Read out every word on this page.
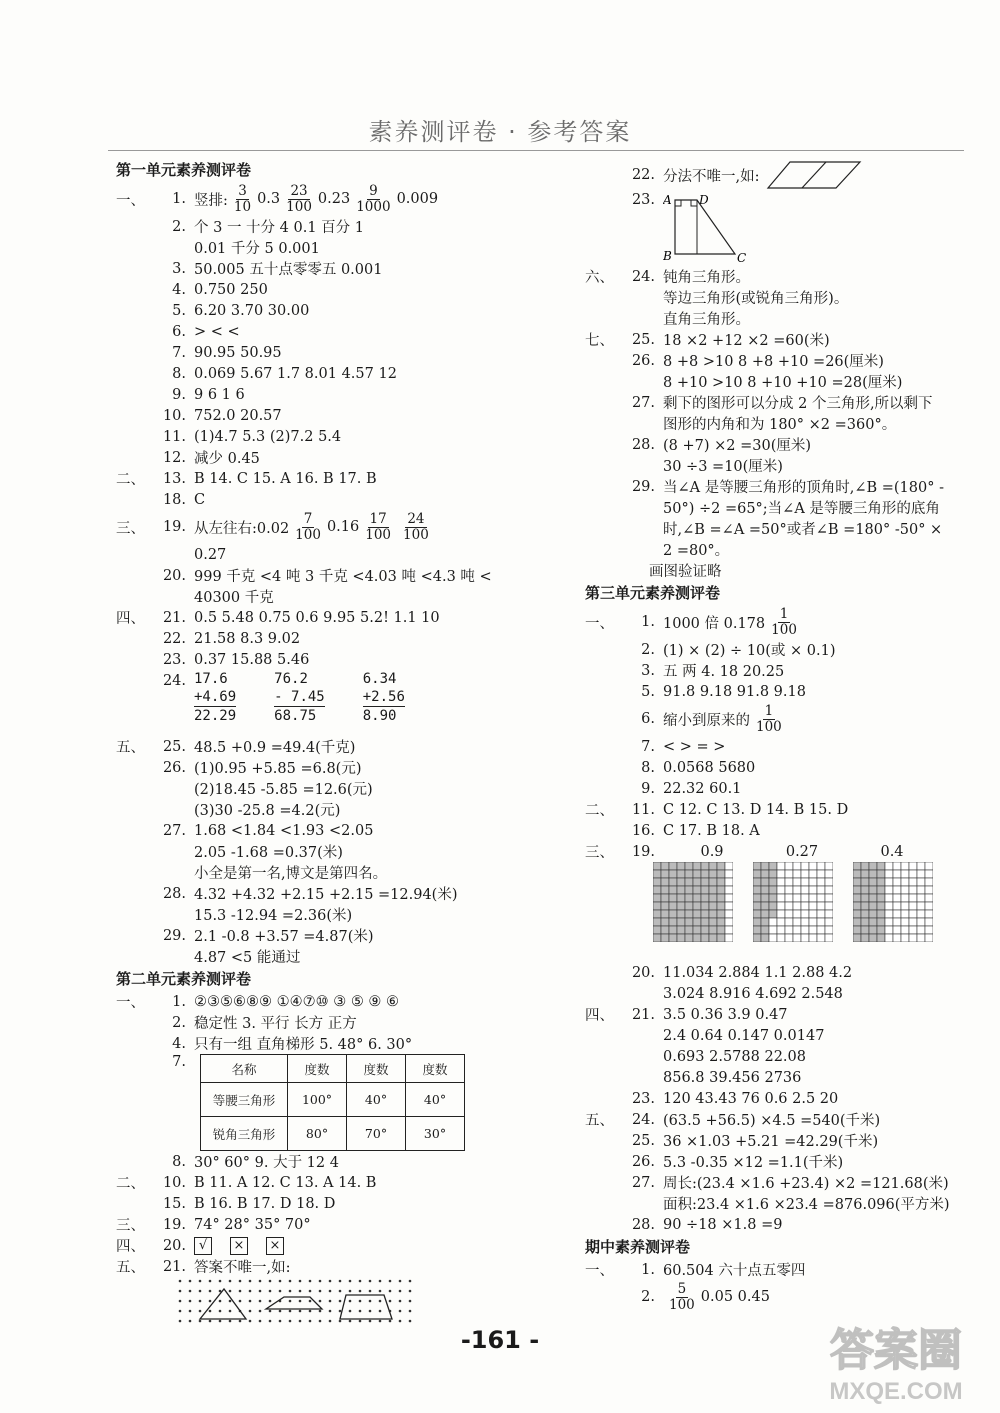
素养测评卷 · 参考答案
第一单元素养测评卷
一、	1. 竖排: $\frac{3}{10} 0.3 \frac{23}{100} 0.23 \frac{9}{1000} 0.009$
2. 个 3 一 十分 4 0.1 百分 1
0.01 千分 5 0.001
3. 50.005 五十点零零五 0.001
4. 0.750 250
5. 6.20 3.70 30.00
6. > < <
7. 90.95 50.95
8. 0.069 5.67 1.7 8.01 4.57 12
9. 9 6 1 6
10. 752.0 20.57
11. (1)4.7 5.3 (2)7.2 5.4
12. 减少 0.45
二、	13. B 14. C 15. A 16. B 17. B
18. C
三、	19. 从左往右:0.02 $\frac{7}{100} 0.16 \frac{17}{100} \frac{24}{100}$
0.27
20. 999 千克 <4 吨 3 千克 <4.03 吨 <4.3 吨 <
40300 千克
四、	21. 0.5 5.48 0.75 0.6 9.95 5.2! 1.1 10
22. 21.58 8.3 9.02
23. 0.37 15.88 5.46
24. 17.6
+4.69
22.29
76.2
- 7.45
68.75
6.34
+2.56
8.90
五、	25. 48.5 +0.9 =49.4(千克)
26. (1)0.95 +5.85 =6.8(元)
(2)18.45 -5.85 =12.6(元)
(3)30 -25.8 =4.2(元)
27. 1.68 <1.84 <1.93 <2.05
2.05 -1.68 =0.37(米)
小全是第一名,博文是第四名。
28. 4.32 +4.32 +2.15 +2.15 =12.94(米)
15.3 -12.94 =2.36(米)
29. 2.1 -0.8 +3.57 =4.87(米)
4.87 <5 能通过
第二单元素养测评卷
一、	1. ②③⑤⑥⑧⑨ ①④⑦⑩ ③ ⑤ ⑨ ⑥
2. 稳定性 3. 平行 长方 正方
4. 只有一组 直角梯形 5. 48° 6. 30°
7.	名称	度数	度数	度数
等腰三角形	100°	40°	40°
锐角三角形	80°	70°	30°
8. 30° 60° 9. 大于 12 4
二、	10. B 11. A 12. C 13. A 14. B
15. B 16. B 17. D 18. D
三、	19. 74° 28° 35° 70°
四、	20. √	× ×
五、	21. 答案不唯一,如:
22. 分法不唯一,如:
23. A D
B	C
六、	24. 钝角三角形。
等边三角形(或锐角三角形)。
直角三角形。
七、	25. 18 ×2 +12 ×2 =60(米)
26. 8 +8 >10 8 +8 +10 =26(厘米)
8 +10 >10 8 +10 +10 =28(厘米)
27. 剩下的图形可以分成 2 个三角形,所以剩下
图形的内角和为 180° ×2 =360°。
28. (8 +7) ×2 =30(厘米)
30 ÷3 =10(厘米)
29. 当∠A 是等腰三角形的顶角时,∠B =(180° -
50°) ÷2 =65°;当∠A 是等腰三角形的底角
时,∠B =∠A =50°或者∠B =180° -50° ×
2 =80°。
画图验证略
第三单元素养测评卷
一、	1. 1000 倍 $0.178 \frac{1}{100}$
2. (1) × (2) ÷ 10(或 × 0.1)
3. 五 两 4. 18 20.25
5. 91.8 9.18 91.8 9.18
6. 缩小到原来的 $\frac{1}{100}$
7. < > = >
8. 0.0568 5680
9. 22.32 60.1
二、	11. C 12. C 13. D 14. B 15. D
16. C 17. B 18. A
三、	19.	0.9	0.27	0.4
20. 11.034 2.884 1.1 2.88 4.2
3.024 8.916 4.692 2.548
四、	21. 3.5 0.36 3.9 0.47
2.4 0.64 0.147 0.0147
0.693 2.5788 22.08
856.8 39.456 2736
23. 120 43.43 76 0.6 2.5 20
五、	24. (63.5 +56.5) ×4.5 =540(千米)
25. 36 ×1.03 +5.21 =42.29(千米)
26. 5.3 -0.35 ×12 =1.1(千米)
27. 周长:(23.4 ×1.6 +23.4) ×2 =121.68(米)
面积:23.4 ×1.6 ×23.4 =876.096(平方米)
28. 90 ÷18 ×1.8 =9
期中素养测评卷
一、	1. 60.504 六十点五零四
2.	$\frac{5}{100} 0.05$ 0.45
-161 -	答案圈
MXQE.COM
